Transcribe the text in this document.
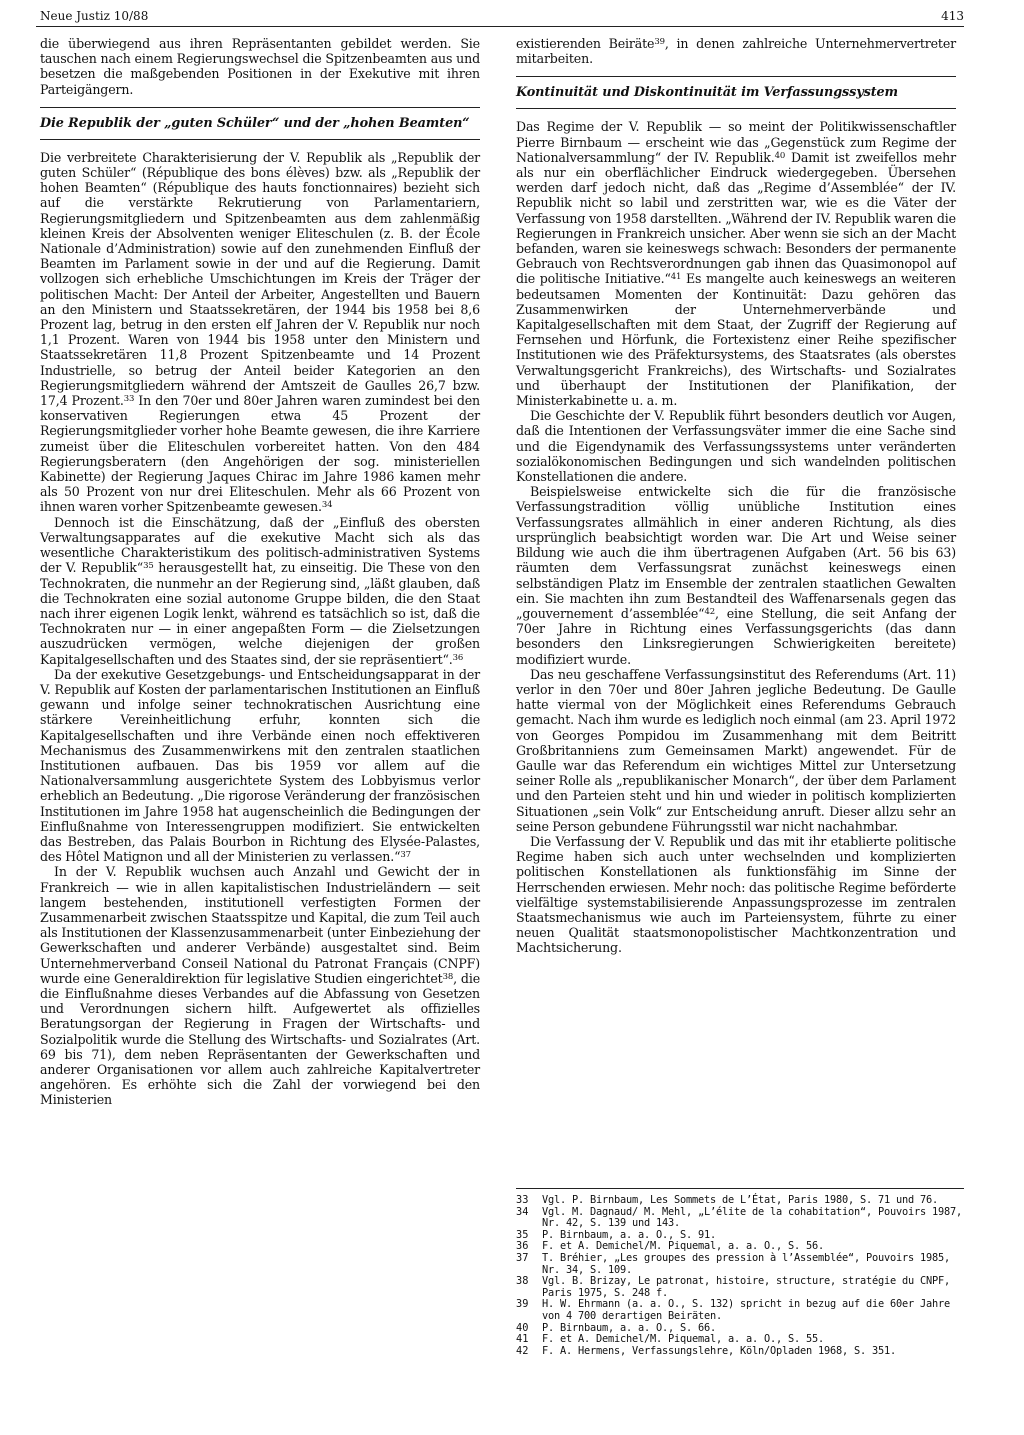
Neue Justiz 10/88	413

die überwiegend aus ihren Repräsentanten gebildet werden. Sie tauschen nach einem Regierungswechsel die Spitzenbeamten aus und besetzen die maßgebenden Positionen in der Exekutive mit ihren Parteigängern.

Die Republik der „guten Schüler“ und der „hohen Beamten“

Die verbreitete Charakterisierung der V. Republik als „Republik der guten Schüler“ (République des bons élèves) bzw. als „Republik der hohen Beamten“ (République des hauts fonctionnaires) bezieht sich auf die verstärkte Rekrutierung von Parlamentariern, Regierungsmitgliedern und Spitzenbeamten aus dem zahlenmäßig kleinen Kreis der Absolventen weniger Eliteschulen (z. B. der École Nationale d’Administration) sowie auf den zunehmenden Einfluß der Beamten im Parlament sowie in der und auf die Regierung. Damit vollzogen sich erhebliche Umschichtungen im Kreis der Träger der politischen Macht: Der Anteil der Arbeiter, Angestellten und Bauern an den Ministern und Staatssekretären, der 1944 bis 1958 bei 8,6 Prozent lag, betrug in den ersten elf Jahren der V. Republik nur noch 1,1 Prozent. Waren von 1944 bis 1958 unter den Ministern und Staatssekretären 11,8 Prozent Spitzenbeamte und 14 Prozent Industrielle, so betrug der Anteil beider Kategorien an den Regierungsmitgliedern während der Amtszeit de Gaulles 26,7 bzw. 17,4 Prozent.$^{33}$ In den 70er und 80er Jahren waren zumindest bei den konservativen Regierungen etwa 45 Prozent der Regierungsmitglieder vorher hohe Beamte gewesen, die ihre Karriere zumeist über die Eliteschulen vorbereitet hatten. Von den 484 Regierungsberatern (den Angehörigen der sog. ministeriellen Kabinette) der Regierung Jaques Chirac im Jahre 1986 kamen mehr als 50 Prozent von nur drei Eliteschulen. Mehr als 66 Prozent von ihnen waren vorher Spitzenbeamte gewesen.$^{34}$

Dennoch ist die Einschätzung, daß der „Einfluß des obersten Verwaltungsapparates auf die exekutive Macht sich als das wesentliche Charakteristikum des politisch-administrativen Systems der V. Republik“$^{35}$ herausgestellt hat, zu einseitig. Die These von den Technokraten, die nunmehr an der Regierung sind, „läßt glauben, daß die Technokraten eine sozial autonome Gruppe bilden, die den Staat nach ihrer eigenen Logik lenkt, während es tatsächlich so ist, daß die Technokraten nur — in einer angepaßten Form — die Zielsetzungen auszudrücken vermögen, welche diejenigen der großen Kapitalgesellschaften und des Staates sind, der sie repräsentiert“.$^{36}$

Da der exekutive Gesetzgebungs- und Entscheidungsapparat in der V. Republik auf Kosten der parlamentarischen Institutionen an Einfluß gewann und infolge seiner technokratischen Ausrichtung eine stärkere Vereinheitlichung erfuhr, konnten sich die Kapitalgesellschaften und ihre Verbände einen noch effektiveren Mechanismus des Zusammenwirkens mit den zentralen staatlichen Institutionen aufbauen. Das bis 1959 vor allem auf die Nationalversammlung ausgerichtete System des Lobbyismus verlor erheblich an Bedeutung. „Die rigorose Veränderung der französischen Institutionen im Jahre 1958 hat augenscheinlich die Bedingungen der Einflußnahme von Interessengruppen modifiziert. Sie entwickelten das Bestreben, das Palais Bourbon in Richtung des Elysée-Palastes, des Hôtel Matignon und all der Ministerien zu verlassen.“$^{37}$

In der V. Republik wuchsen auch Anzahl und Gewicht der in Frankreich — wie in allen kapitalistischen Industrieländern — seit langem bestehenden, institutionell verfestigten Formen der Zusammenarbeit zwischen Staatsspitze und Kapital, die zum Teil auch als Institutionen der Klassenzusammenarbeit (unter Einbeziehung der Gewerkschaften und anderer Verbände) ausgestaltet sind. Beim Unternehmerverband Conseil National du Patronat Français (CNPF) wurde eine Generaldirektion für legislative Studien eingerichtet$^{38}$, die die Einflußnahme dieses Verbandes auf die Abfassung von Gesetzen und Verordnungen sichern hilft. Aufgewertet als offizielles Beratungsorgan der Regierung in Fragen der Wirtschafts- und Sozialpolitik wurde die Stellung des Wirtschafts- und Sozialrates (Art. 69 bis 71), dem neben Repräsentanten der Gewerkschaften und anderer Organisationen vor allem auch zahlreiche Kapitalvertreter angehören. Es erhöhte sich die Zahl der vorwiegend bei den Ministerien

existierenden Beiräte$^{39}$, in denen zahlreiche Unternehmervertreter mitarbeiten.

Kontinuität und Diskontinuität im Verfassungssystem

Das Regime der V. Republik — so meint der Politikwissenschaftler Pierre Birnbaum — erscheint wie das „Gegenstück zum Regime der Nationalversammlung“ der IV. Republik.$^{40}$ Damit ist zweifellos mehr als nur ein oberflächlicher Eindruck wiedergegeben. Übersehen werden darf jedoch nicht, daß das „Regime d’Assemblée“ der IV. Republik nicht so labil und zerstritten war, wie es die Väter der Verfassung von 1958 darstellten. „Während der IV. Republik waren die Regierungen in Frankreich unsicher. Aber wenn sie sich an der Macht befanden, waren sie keineswegs schwach: Besonders der permanente Gebrauch von Rechtsverordnungen gab ihnen das Quasimonopol auf die politische Initiative.“$^{41}$ Es mangelte auch keineswegs an weiteren bedeutsamen Momenten der Kontinuität: Dazu gehören das Zusammenwirken der Unternehmerverbände und Kapitalgesellschaften mit dem Staat, der Zugriff der Regierung auf Fernsehen und Hörfunk, die Fortexistenz einer Reihe spezifischer Institutionen wie des Präfektursystems, des Staatsrates (als oberstes Verwaltungsgericht Frankreichs), des Wirtschafts- und Sozialrates und überhaupt der Institutionen der Planifikation, der Ministerkabinette u. a. m.

Die Geschichte der V. Republik führt besonders deutlich vor Augen, daß die Intentionen der Verfassungsväter immer die eine Sache sind und die Eigendynamik des Verfassungssystems unter veränderten sozialökonomischen Bedingungen und sich wandelnden politischen Konstellationen die andere.

Beispielsweise entwickelte sich die für die französische Verfassungstradition völlig unübliche Institution eines Verfassungsrates allmählich in einer anderen Richtung, als dies ursprünglich beabsichtigt worden war. Die Art und Weise seiner Bildung wie auch die ihm übertragenen Aufgaben (Art. 56 bis 63) räumten dem Verfassungsrat zunächst keineswegs einen selbständigen Platz im Ensemble der zentralen staatlichen Gewalten ein. Sie machten ihn zum Bestandteil des Waffenarsenals gegen das „gouvernement d’assemblée“$^{42}$, eine Stellung, die seit Anfang der 70er Jahre in Richtung eines Verfassungsgerichts (das dann besonders den Linksregierungen Schwierigkeiten bereitete) modifiziert wurde.

Das neu geschaffene Verfassungsinstitut des Referendums (Art. 11) verlor in den 70er und 80er Jahren jegliche Bedeutung. De Gaulle hatte viermal von der Möglichkeit eines Referendums Gebrauch gemacht. Nach ihm wurde es lediglich noch einmal (am 23. April 1972 von Georges Pompidou im Zusammenhang mit dem Beitritt Großbritanniens zum Gemeinsamen Markt) angewendet. Für de Gaulle war das Referendum ein wichtiges Mittel zur Untersetzung seiner Rolle als „republikanischer Monarch“, der über dem Parlament und den Parteien steht und hin und wieder in politisch komplizierten Situationen „sein Volk“ zur Entscheidung anruft. Dieser allzu sehr an seine Person gebundene Führungsstil war nicht nachahmbar.

Die Verfassung der V. Republik und das mit ihr etablierte politische Regime haben sich auch unter wechselnden und komplizierten politischen Konstellationen als funktionsfähig im Sinne der Herrschenden erwiesen. Mehr noch: das politische Regime beförderte vielfältige systemstabilisierende Anpassungsprozesse im zentralen Staatsmechanismus wie auch im Parteiensystem, führte zu einer neuen Qualität staatsmonopolistischer Machtkonzentration und Machtsicherung.

33	Vgl. P. Birnbaum, Les Sommets de L’État, Paris 1980, S. 71 und 76.
34	Vgl. M. Dagnaud/ M. Mehl, „L’élite de la cohabitation“, Pouvoirs 1987, Nr. 42, S. 139 und 143.
35	P. Birnbaum, a. a. O., S. 91.
36	F. et A. Demichel/M. Piquemal, a. a. O., S. 56.
37	T. Bréhier, „Les groupes des pression à l’Assemblée“, Pouvoirs 1985, Nr. 34, S. 109.
38	Vgl. B. Brizay, Le patronat, histoire, structure, stratégie du CNPF, Paris 1975, S. 248 f.
39	H. W. Ehrmann (a. a. O., S. 132) spricht in bezug auf die 60er Jahre von 4 700 derartigen Beiräten.
40	P. Birnbaum, a. a. O., S. 66.
41	F. et A. Demichel/M. Piquemal, a. a. O., S. 55.
42	F. A. Hermens, Verfassungslehre, Köln/Opladen 1968, S. 351.
